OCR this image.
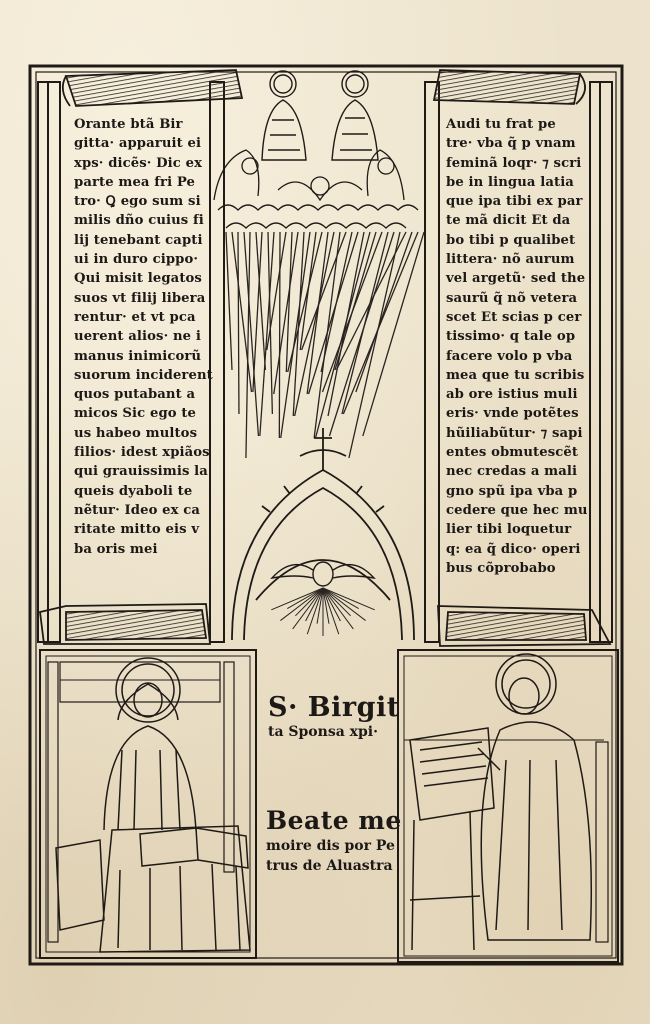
Orante btã Bir
gitta· apparuit ei
xps· dicẽs· Dic ex
parte mea fri Pe
tro· Ꝗ ego sum si
milis dño cuius fi
lij tenebant capti
ui in duro cippo·
Qui misit legatos
suos vt filij libera
rentur· et vt pca
uerent alios· ne i
manus inimicorũ
suorum inciderent
quos putabant a
micos Sic ego te
us habeo multos
filios· idest xpiãos
qui grauissimis la
queis dyaboli te
nẽtur· Ideo ex ca
ritate mitto eis v
ba oris mei
Audi tu frat pe
tre· vba q̃ p vnam
feminã loqr· ⁊ scri
be in lingua latia
que ipa tibi ex par
te mã dicit Et da
bo tibi p qualibet
littera· nõ aurum
vel argetũ· sed the
saurũ q̃ nõ vetera
scet Et scias p cer
tissimo· q tale op
facere volo p vba
mea que tu scribis
ab ore istius muli
eris· vnde potẽtes
hũiliabũtur· ⁊ sapi
entes obmutescẽt
nec credas a mali
gno spũ ipa vba p
cedere que hec mu
lier tibi loquetur
q: ea q̃ dico· operi
bus cõprobabo
S· Birgit
ta Sponsa xpi·
Beate me
moire dis por Pe
trus de Aluastra
